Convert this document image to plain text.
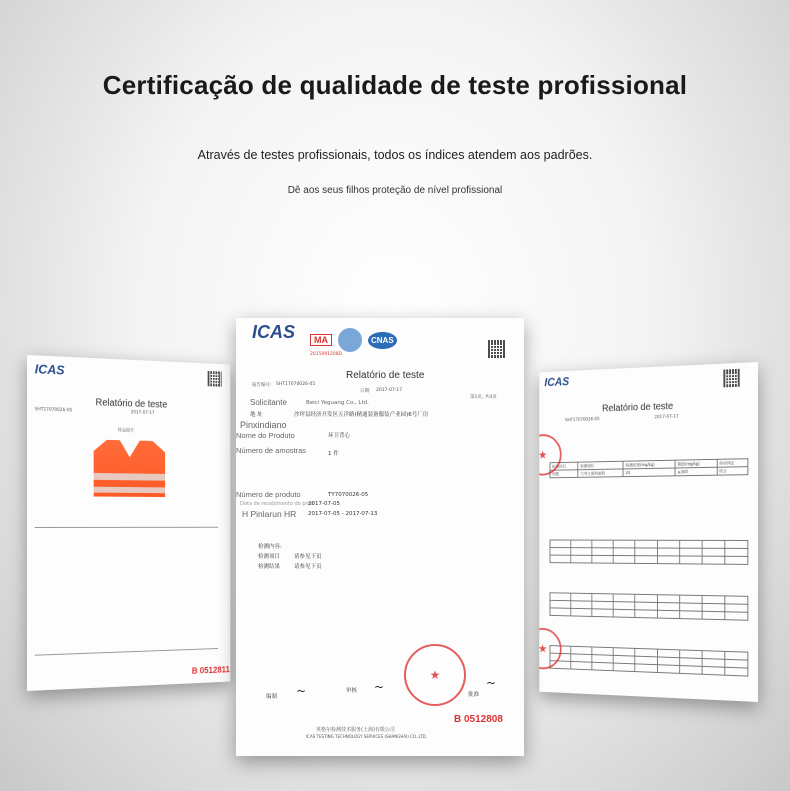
Certificação de qualidade de teste profissional
Através de testes profissionais, todos os índices atendem aos padrões.
Dê aos seus filhos proteção de nível profissional
ICAS
Relatório de teste
SHT17070026-05	2017-07-17
样品照片
B 0512811
ICAS
Relatório de teste
SHT17070026-05	2017-07-17
检测项目	检测部位	检测结果(mg/kg)	限值(mg/kg)	单项判定
甲醛	大身主面料面料	20	≤300	符合

★
★
ICAS	MA	CNAS
2015091208D
Relatório de teste
报告编号: SHT17070026-05
日期: 2017-07-17
第1页, 共4页
Solicitante	Beici Yeguang Co., Ltd.
地 址	沙坪县经济开发区五洋路(精通装备服装产业园)6号厂房
Pinxindiano
Nome do Produto	环卫背心
Número de amostras	1 件
Número de produto	TY7070026-05
Data de recebimento do prod
2017-07-05
H Pinlarun HR 2017-07-05 - 2017-07-13
检测内容:
检测项目	请参见下页
检测结果	请参见下页
编制
审核
批准
~	~	~
★
B 0512808
英格尔检测技术服务(上海)有限公司
ICAS TESTING TECHNOLOGY SERVICES (SHANGHAI) CO.,LTD.
